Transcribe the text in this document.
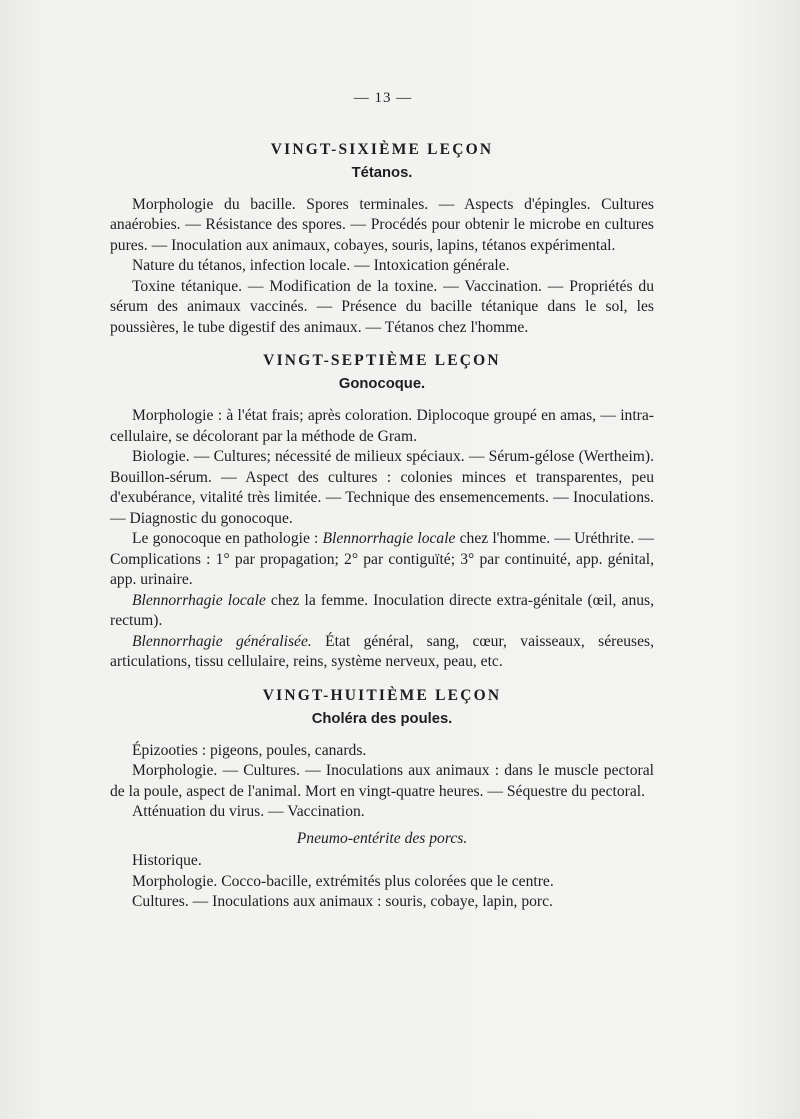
— 13 —
VINGT-SIXIÈME LEÇON
Tétanos.

Morphologie du bacille. Spores terminales. — Aspects d'épingles. Cultures anaérobies. — Résistance des spores. — Procédés pour obtenir le microbe en cultures pures. — Inoculation aux animaux, cobayes, souris, lapins, tétanos expérimental.

Nature du tétanos, infection locale. — Intoxication générale.

Toxine tétanique. — Modification de la toxine. — Vaccination. — Propriétés du sérum des animaux vaccinés. — Présence du bacille tétanique dans le sol, les poussières, le tube digestif des animaux. — Tétanos chez l'homme.

VINGT-SEPTIÈME LEÇON
Gonocoque.

Morphologie : à l'état frais; après coloration. Diplocoque groupé en amas, — intra-cellulaire, se décolorant par la méthode de Gram.

Biologie. — Cultures; nécessité de milieux spéciaux. — Sérum-gélose (Wertheim). Bouillon-sérum. — Aspect des cultures : colonies minces et transparentes, peu d'exubérance, vitalité très limitée. — Technique des ensemencements. — Inoculations. — Diagnostic du gonocoque.

Le gonocoque en pathologie : Blennorrhagie locale chez l'homme. — Uréthrite. — Complications : 1° par propagation; 2° par contiguïté; 3° par continuité, app. génital, app. urinaire.

Blennorrhagie locale chez la femme. Inoculation directe extra-génitale (œil, anus, rectum).

Blennorrhagie généralisée. État général, sang, cœur, vaisseaux, séreuses, articulations, tissu cellulaire, reins, système nerveux, peau, etc.

VINGT-HUITIÈME LEÇON
Choléra des poules.

Épizooties : pigeons, poules, canards.

Morphologie. — Cultures. — Inoculations aux animaux : dans le muscle pectoral de la poule, aspect de l'animal. Mort en vingt-quatre heures. — Séquestre du pectoral.

Atténuation du virus. — Vaccination.

Pneumo-entérite des porcs.

Historique.

Morphologie. Cocco-bacille, extrémités plus colorées que le centre.

Cultures. — Inoculations aux animaux : souris, cobaye, lapin, porc.
